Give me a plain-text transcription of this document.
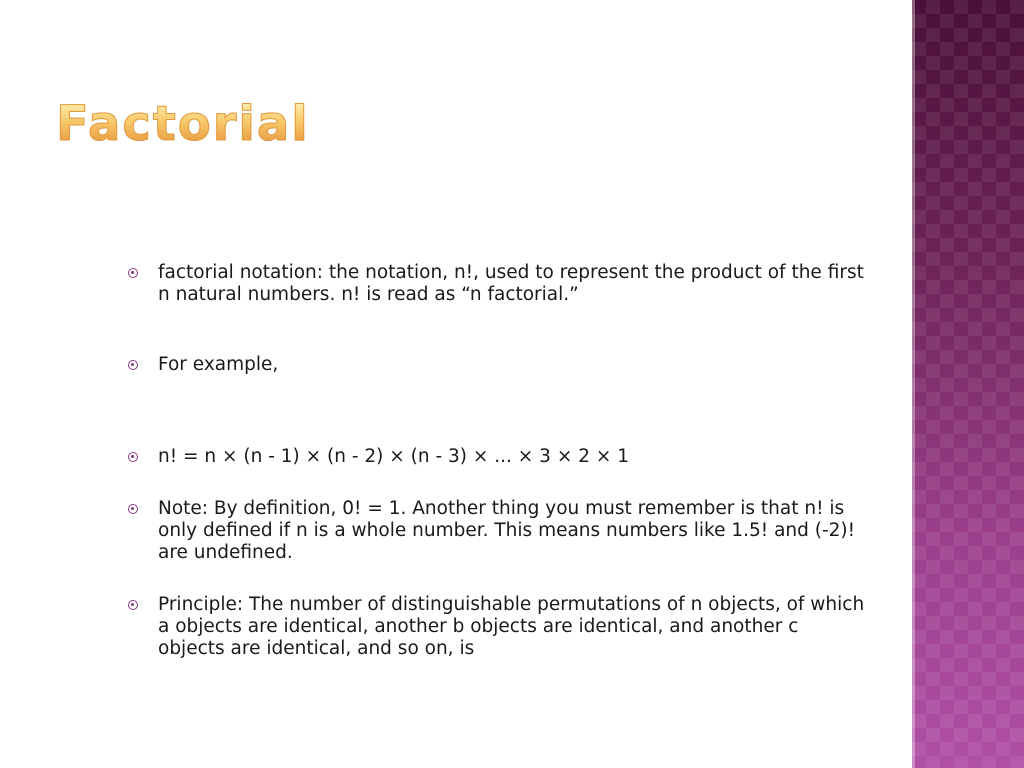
Factorial
factorial notation: the notation, n!, used to represent the product of the first n natural numbers. n! is read as “n factorial.”
For example,
n! = n × (n - 1) × (n - 2) × (n - 3) × ... × 3 × 2 × 1
Note: By definition, 0! = 1. Another thing you must remember is that n! is only defined if n is a whole number. This means numbers like 1.5! and (-2)! are undefined.
Principle: The number of distinguishable permutations of n objects, of which a objects are identical, another b objects are identical, and another c objects are identical, and so on, is
